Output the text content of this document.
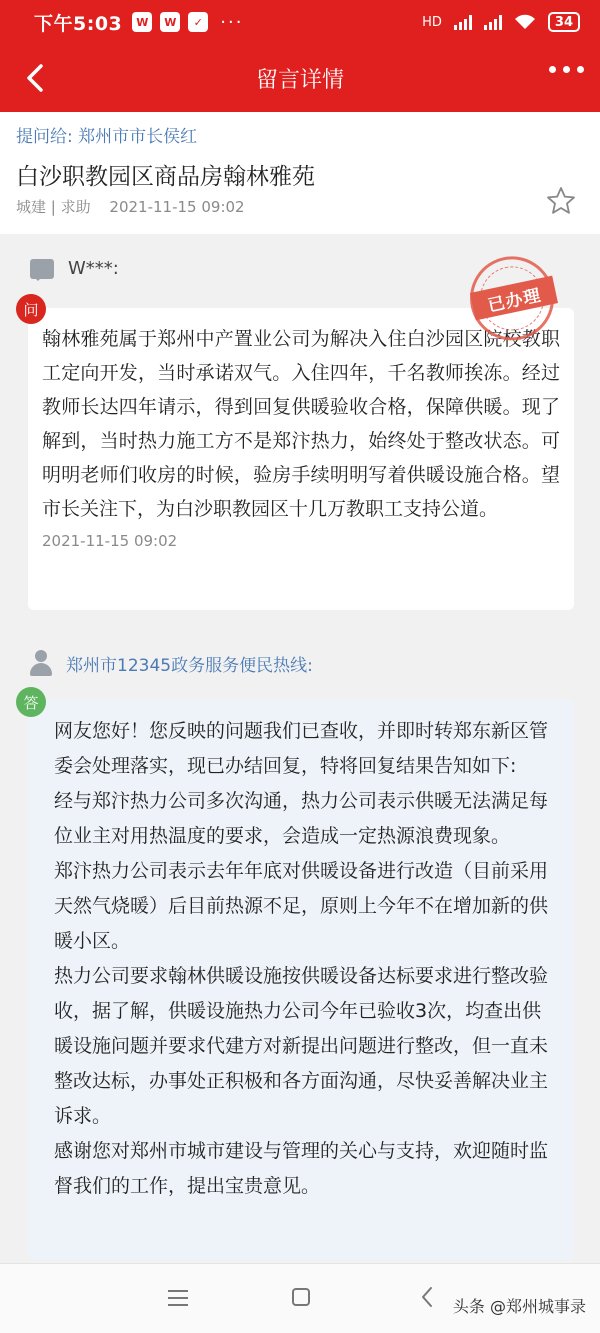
下午5:03	W	W	✓ ···	HD	34
留言详情
提问给: 郑州市市长侯红
白沙职教园区商品房翰林雅苑
城建 | 求助 2021-11-15 09:02
W***:
翰林雅苑属于郑州中产置业公司为解决入住白沙园区院校教职工定向开发，当时承诺双气。入住四年，千名教师挨冻。经过教师长达四年请示，得到回复供暖验收合格，保障供暖。现了解到，当时热力施工方不是郑汴热力，始终处于整改状态。可明明老师们收房的时候，验房手续明明写着供暖设施合格。望市长关注下，为白沙职教园区十几万教职工支持公道。
2021-11-15 09:02
问	已办理
郑州市12345政务服务便民热线:

网友您好！您反映的问题我们已查收，并即时转郑东新区管委会处理落实，现已办结回复，特将回复结果告知如下:

经与郑汴热力公司多次沟通，热力公司表示供暖无法满足每位业主对用热温度的要求，会造成一定热源浪费现象。

郑汴热力公司表示去年年底对供暖设备进行改造（目前采用天然气烧暖）后目前热源不足，原则上今年不在增加新的供暖小区。

热力公司要求翰林供暖设施按供暖设备达标要求进行整改验收，据了解，供暖设施热力公司今年已验收3次，均查出供暖设施问题并要求代建方对新提出问题进行整改，但一直未整改达标，办事处正积极和各方面沟通，尽快妥善解决业主诉求。

感谢您对郑州市城市建设与管理的关心与支持，欢迎随时监督我们的工作，提出宝贵意见。

答
头条 @郑州城事录
